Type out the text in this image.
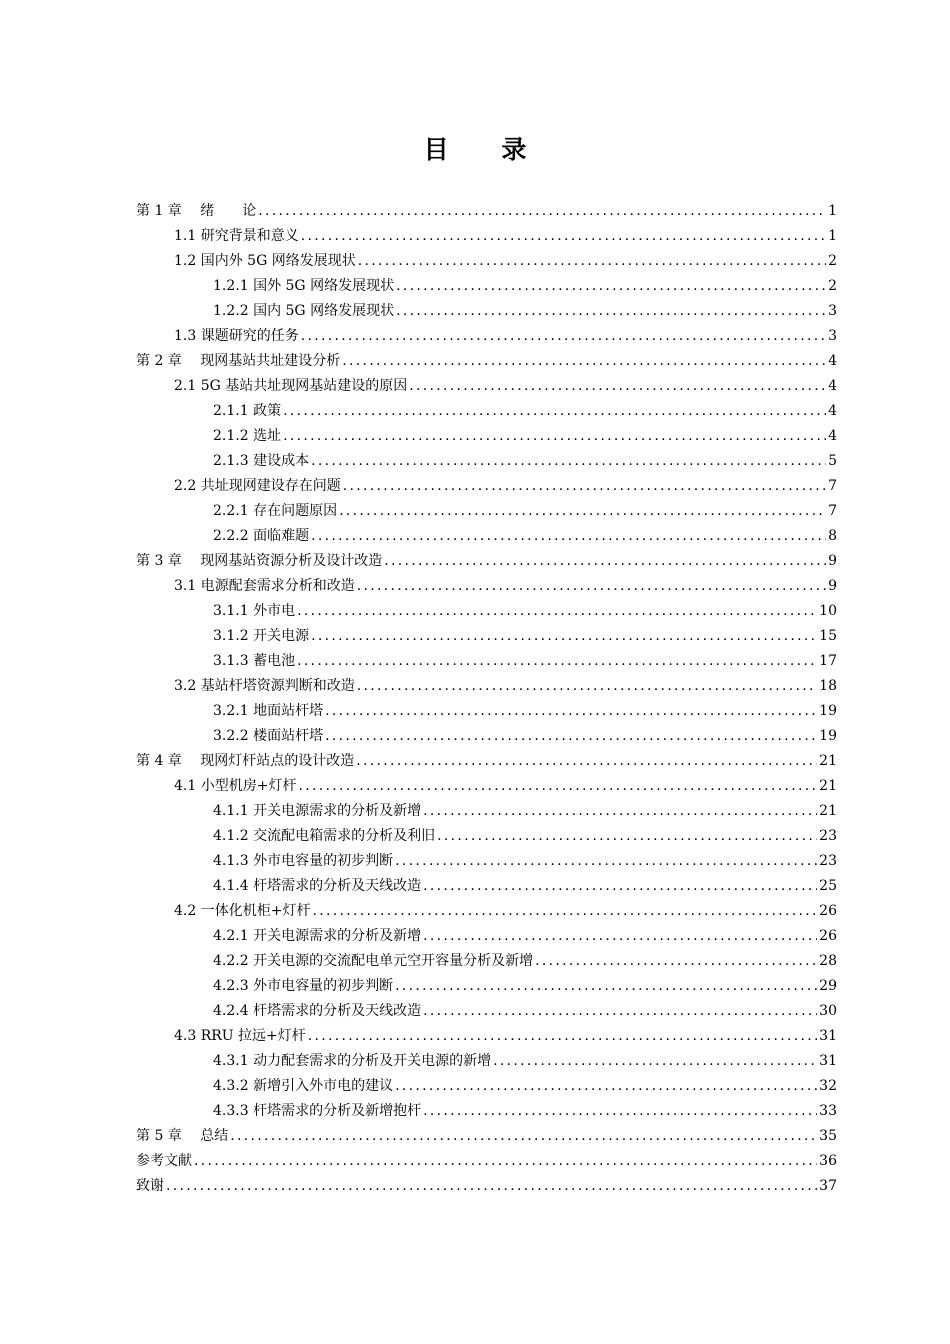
目 录
第 1 章　 绪　　论 .....	1
1.1 研究背景和意义 .....	1
1.2 国内外 5G 网络发展现状 .....	2
1.2.1 国外 5G 网络发展现状 .....	2
1.2.2 国内 5G 网络发展现状 .....	3
1.3 课题研究的任务 .....	3
第 2 章　 现网基站共址建设分析 .....	4
2.1 5G 基站共址现网基站建设的原因 .....	4
2.1.1 政策 .....	4
2.1.2 选址 .....	4
2.1.3 建设成本 .....	5
2.2 共址现网建设存在问题 .....	7
2.2.1 存在问题原因 .....	7
2.2.2 面临难题 .....	8
第 3 章　 现网基站资源分析及设计改造 .....	9
3.1 电源配套需求分析和改造 .....	9
3.1.1 外市电 .....	10
3.1.2 开关电源 .....	15
3.1.3 蓄电池 .....	17
3.2 基站杆塔资源判断和改造 .....	18
3.2.1 地面站杆塔 .....	19
3.2.2 楼面站杆塔 .....	19
第 4 章　 现网灯杆站点的设计改造 .....	21
4.1 小型机房+灯杆 .....	21
4.1.1 开关电源需求的分析及新增 .....	21
4.1.2 交流配电箱需求的分析及利旧 .....	23
4.1.3 外市电容量的初步判断 .....	23
4.1.4 杆塔需求的分析及天线改造 .....	25
4.2 一体化机柜+灯杆 .....	26
4.2.1 开关电源需求的分析及新增 .....	26
4.2.2 开关电源的交流配电单元空开容量分析及新增 .....	28
4.2.3 外市电容量的初步判断 .....	29
4.2.4 杆塔需求的分析及天线改造 .....	30
4.3 RRU 拉远+灯杆 .....	31
4.3.1 动力配套需求的分析及开关电源的新增 .....	31
4.3.2 新增引入外市电的建议 .....	32
4.3.3 杆塔需求的分析及新增抱杆 .....	33
第 5 章　 总结 .....	35
参考文献 .....	36
致谢 .....	37
